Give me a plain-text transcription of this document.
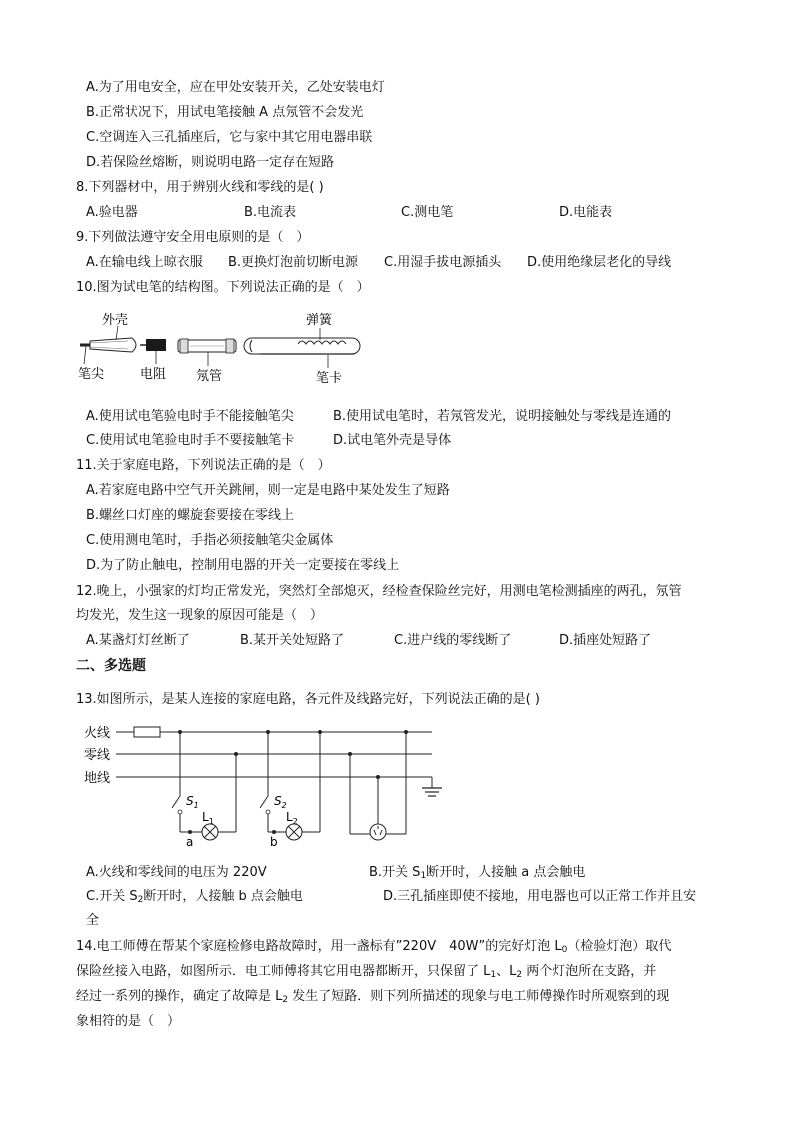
A.为了用电安全，应在甲处安装开关，乙处安装电灯
B.正常状况下，用试电笔接触 A 点氖管不会发光
C.空调连入三孔插座后，它与家中其它用电器串联
D.若保险丝熔断，则说明电路一定存在短路
8.下列器材中，用于辨别火线和零线的是( )
A.验电器	B.电流表	C.测电笔	D.电能表
9.下列做法遵守安全用电原则的是（　）
A.在输电线上晾衣服 B.更换灯泡前切断电源 C.用湿手拔电源插头 D.使用绝缘层老化的导线
10.图为试电笔的结构图。下列说法正确的是（　）
外壳
笔尖	电阻 氖管
弹簧
笔卡
A.使用试电笔验电时手不能接触笔尖	B.使用试电笔时，若氖管发光，说明接触处与零线是连通的
C.使用试电笔验电时手不要接触笔卡	D.试电笔外壳是导体
11.关于家庭电路，下列说法正确的是（　）
A.若家庭电路中空气开关跳闸，则一定是电路中某处发生了短路
B.螺丝口灯座的螺旋套要接在零线上
C.使用测电笔时，手指必须接触笔尖金属体
D.为了防止触电，控制用电器的开关一定要接在零线上
12.晚上，小强家的灯均正常发光，突然灯全部熄灭，经检查保险丝完好，用测电笔检测插座的两孔，氖管
均发光，发生这一现象的原因可能是（　）
A.某盏灯灯丝断了	B.某开关处短路了	C.进户线的零线断了	D.插座处短路了
二、多选题
13.如图所示，是某人连接的家庭电路，各元件及线路完好，下列说法正确的是( )
火线
零线
地线
$S_1$
$L_1$
a
$S_2$
$L_2$
b
A.火线和零线间的电压为 220V	B.开关 $S_1$断开时，人接触 a 点会触电
C.开关 $S_2$断开时，人接触 b 点会触电	D.三孔插座即使不接地，用电器也可以正常工作并且安
全
14.电工师傅在帮某个家庭检修电路故障时，用一盏标有”220V　40W”的完好灯泡 $L_0$（检验灯泡）取代
保险丝接入电路，如图所示．电工师傅将其它用电器都断开，只保留了 $L_1$、$L_2$ 两个灯泡所在支路，并
经过一系列的操作，确定了故障是 $L_2$ 发生了短路．则下列所描述的现象与电工师傅操作时所观察到的现
象相符的是（　）
